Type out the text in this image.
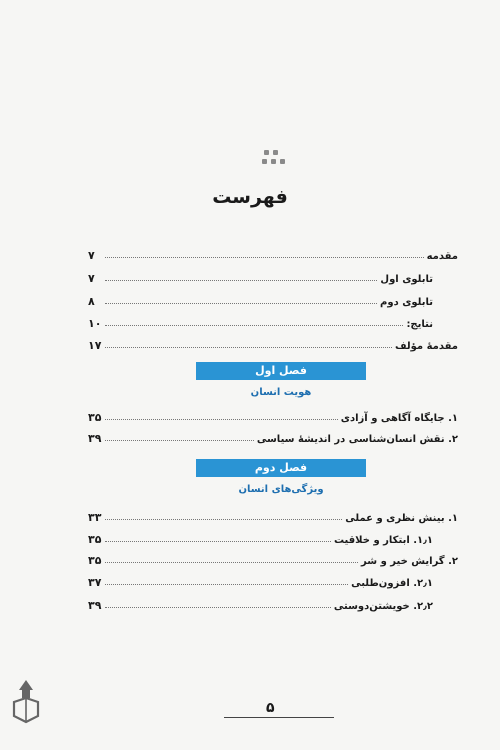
فهرست
مقدمه
۷
تابلوی اول
۷
تابلوی دوم
۸
نتایج:
۱۰
مقدمهٔ مؤلف
۱۷
فصل اول
هویت انسان
۱. جایگاه آگاهی و آزادی
۳۵
۲. نقش انسان‌شناسی در اندیشهٔ سیاسی
۳۹
فصل دوم
ویژگی‌های انسان
۱. بینش نظری و عملی
۳۳
۱٫۱. ابتکار و خلاقیت
۳۵
۲. گرایش خیر و شر
۳۵
۲٫۱. افزون‌طلبی
۳۷
۲٫۲. خویشتن‌دوستی
۳۹
۵
